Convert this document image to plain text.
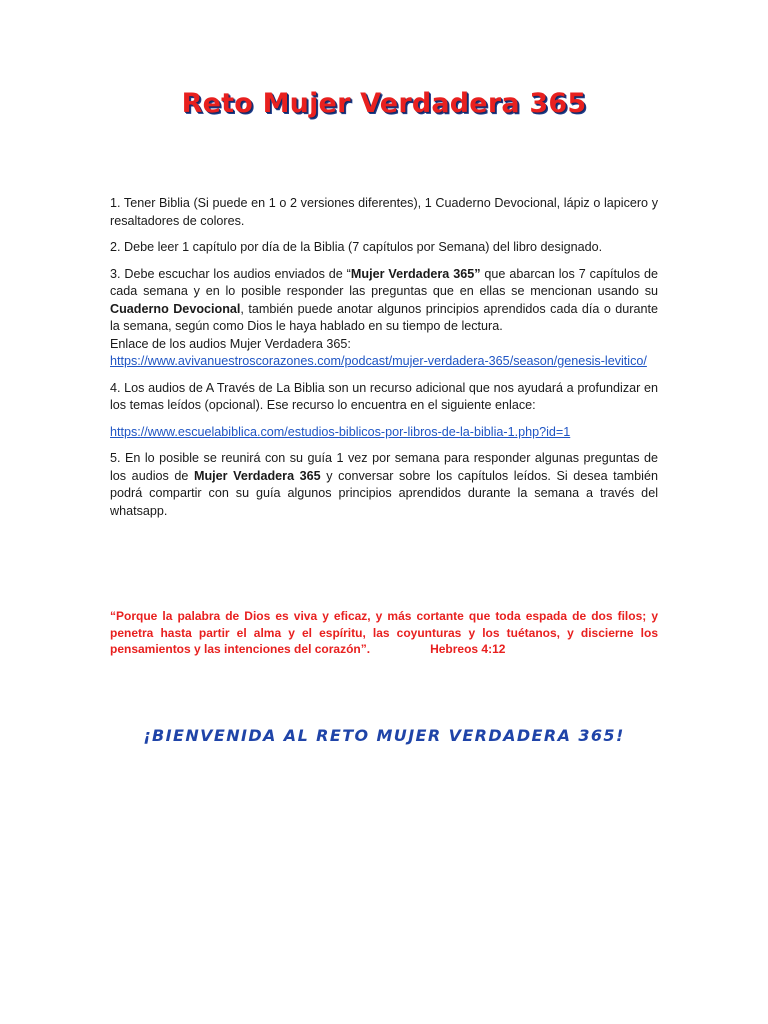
Reto Mujer Verdadera 365

1. Tener Biblia (Si puede en 1 o 2 versiones diferentes), 1 Cuaderno Devocional, lápiz o lapicero y resaltadores de colores.

2. Debe leer 1 capítulo por día de la Biblia (7 capítulos por Semana) del libro designado.

3. Debe escuchar los audios enviados de “Mujer Verdadera 365” que abarcan los 7 capítulos de cada semana y en lo posible responder las preguntas que en ellas se mencionan usando su Cuaderno Devocional, también puede anotar algunos principios aprendidos cada día o durante la semana, según como Dios le haya hablado en su tiempo de lectura.

Enlace de los audios Mujer Verdadera 365:

https://www.avivanuestroscorazones.com/podcast/mujer-verdadera-365/season/genesis-levitico/

4. Los audios de A Través de La Biblia son un recurso adicional que nos ayudará a profundizar en los temas leídos (opcional). Ese recurso lo encuentra en el siguiente enlace:

https://www.escuelabiblica.com/estudios-biblicos-por-libros-de-la-biblia-1.php?id=1

5. En lo posible se reunirá con su guía 1 vez por semana para responder algunas preguntas de los audios de Mujer Verdadera 365 y conversar sobre los capítulos leídos. Si desea también podrá compartir con su guía algunos principios aprendidos durante la semana a través del whatsapp.

“Porque la palabra de Dios es viva y eficaz, y más cortante que toda espada de dos filos; y penetra hasta partir el alma y el espíritu, las coyunturas y los tuétanos, y discierne los pensamientos y las intenciones del corazón”.	Hebreos 4:12
¡BIENVENIDA AL RETO MUJER VERDADERA 365!
